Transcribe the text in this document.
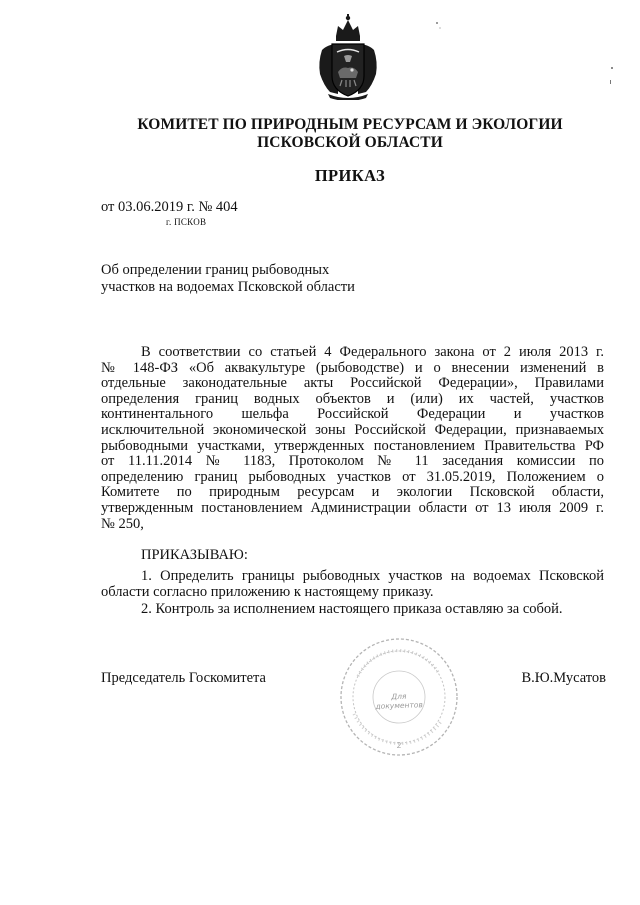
КОМИТЕТ ПО ПРИРОДНЫМ РЕСУРСАМ И ЭКОЛОГИИ
ПСКОВСКОЙ ОБЛАСТИ
ПРИКАЗ
от 03.06.2019 г. № 404
г. ПСКОВ
Об определении границ рыбоводных
участков на водоемах Псковской области
В соответствии со статьей 4 Федерального закона от 2 июля 2013 г.
№ 148-ФЗ «Об аквакультуре (рыбоводстве) и о внесении изменений в
отдельные законодательные акты Российской Федерации», Правилами
определения границ водных объектов и (или) их частей, участков
континентального шельфа Российской Федерации и участков
исключительной экономической зоны Российской Федерации, признаваемых
рыбоводными участками, утвержденных постановлением Правительства РФ
от 11.11.2014 № 1183, Протоколом № 11 заседания комиссии по
определению границ рыбоводных участков от 31.05.2019, Положением о
Комитете по природным ресурсам и экологии Псковской области,
утвержденным постановлением Администрации области от 13 июля 2009 г.
№ 250,
ПРИКАЗЫВАЮ:
1. Определить границы рыбоводных участков на водоемах Псковской
области согласно приложению к настоящему приказу.
2. Контроль за исполнением настоящего приказа оставляю за собой.
Председатель Госкомитета	В.Ю.Мусатов
2
Для
документов
